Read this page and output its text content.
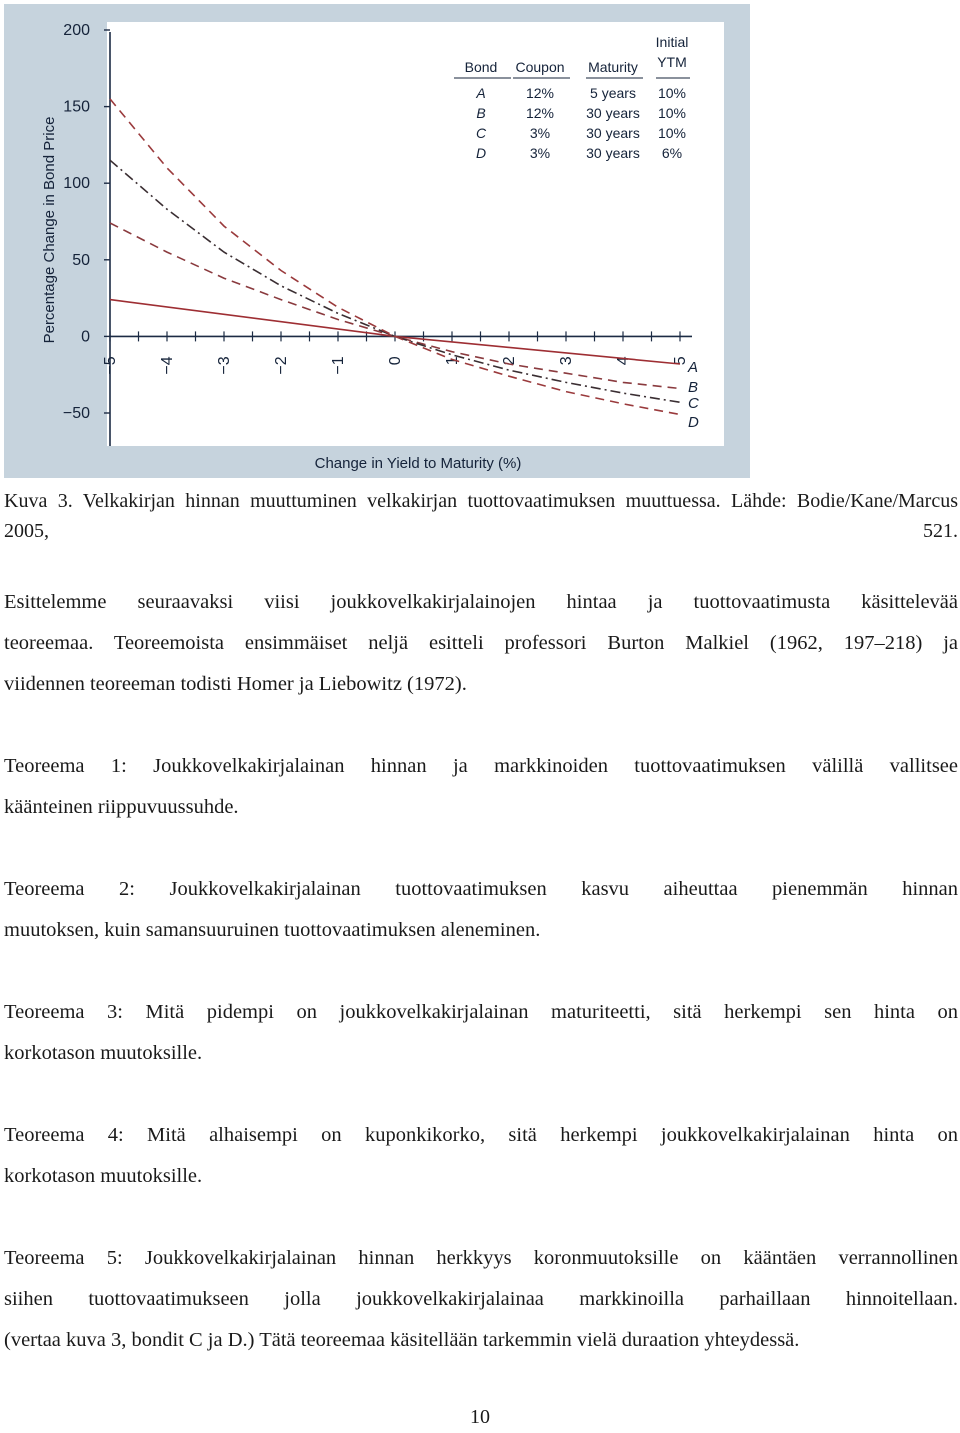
200
150
100
50
0
−50
−5	−4	−3	−2	−1	0	1	2	3	4	5
Change in Yield to Maturity (%)
Percentage Change in Bond Price
A
B
C
D
Initial
YTM
Bond Coupon Maturity
A	12%	5 years 10%
B	12% 30 years 10%
C	3%	30 years 10%
D	3%	30 years 6%
Kuva 3. Velkakirjan hinnan muuttuminen velkakirjan tuottovaatimuksen muuttuessa. Lähde: Bodie/Kane/Marcus 2005, 521.
Esittelemme seuraavaksi viisi joukkovelkakirjalainojen hintaa ja tuottovaatimusta käsittelevää
teoreemaa. Teoreemoista ensimmäiset neljä esitteli professori Burton Malkiel (1962, 197–218) ja
viidennen teoreeman todisti Homer ja Liebowitz (1972).
Teoreema 1: Joukkovelkakirjalainan hinnan ja markkinoiden tuottovaatimuksen välillä vallitsee
käänteinen riippuvuussuhde.
Teoreema 2: Joukkovelkakirjalainan tuottovaatimuksen kasvu aiheuttaa pienemmän hinnan
muutoksen, kuin samansuuruinen tuottovaatimuksen aleneminen.
Teoreema 3: Mitä pidempi on joukkovelkakirjalainan maturiteetti, sitä herkempi sen hinta on
korkotason muutoksille.
Teoreema 4: Mitä alhaisempi on kuponkikorko, sitä herkempi joukkovelkakirjalainan hinta on
korkotason muutoksille.
Teoreema 5: Joukkovelkakirjalainan hinnan herkkyys koronmuutoksille on kääntäen verrannollinen
siihen tuottovaatimukseen jolla joukkovelkakirjalainaa markkinoilla parhaillaan hinnoitellaan.
(vertaa kuva 3, bondit C ja D.) Tätä teoreemaa käsitellään tarkemmin vielä duraation yhteydessä.
10
